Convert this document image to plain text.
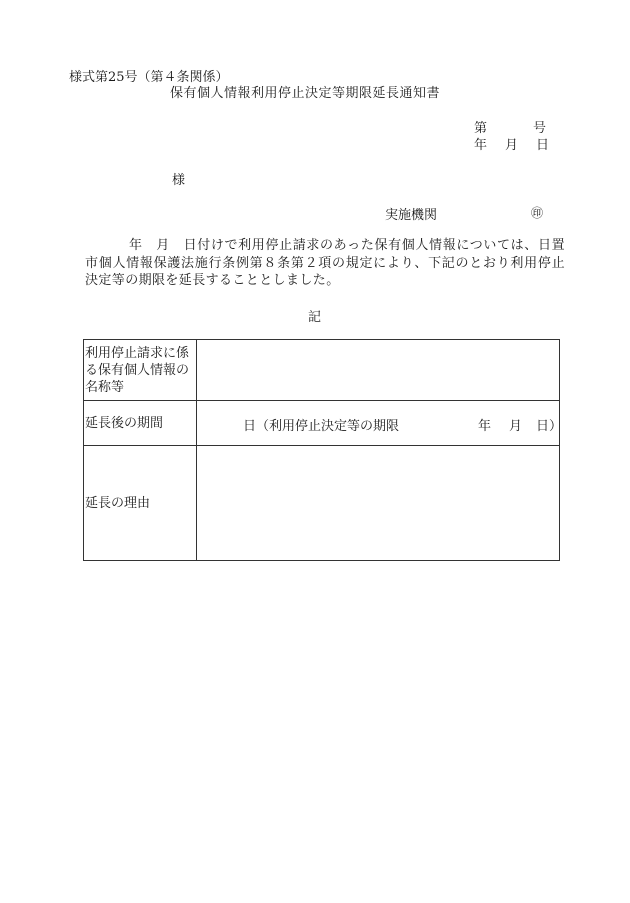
様式第25号（第４条関係）
保有個人情報利用停止決定等期限延長通知書
第	号
年 月 日
様
実施機関	㊞
年　月　日付けで利用停止請求のあった保有個人情報については、日置市個人情報保護法施行条例第８条第２項の規定により、下記のとおり利用停止決定等の期限を延長することとしました。
記
利用停止請求に係る保有個人情報の名称等	
延長後の期間	日（利用停止決定等の期限 年 月 日）

延長の理由	
